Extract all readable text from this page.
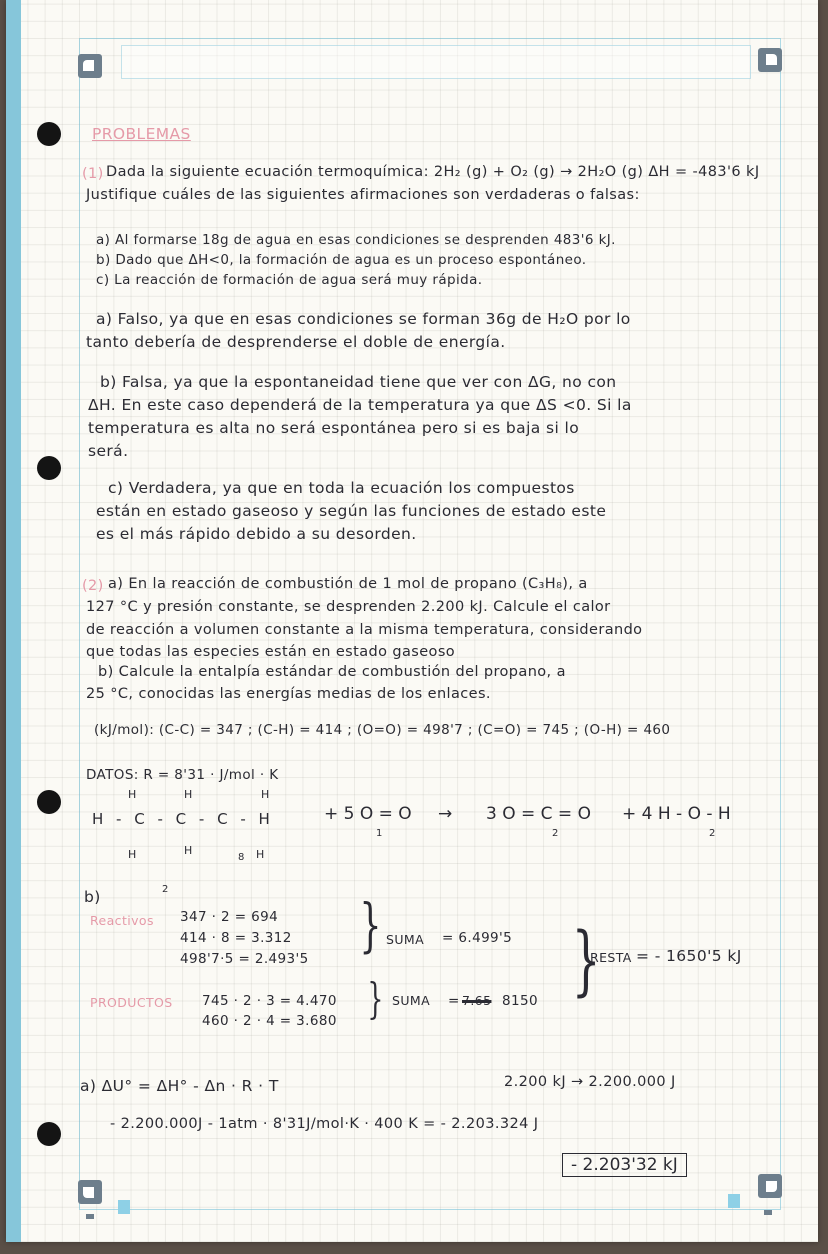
PROBLEMAS
(1) Dada la siguiente ecuación termoquímica: 2H₂ (g) + O₂ (g) → 2H₂O (g) ΔH = -483'6 kJ
Justifique cuáles de las siguientes afirmaciones son verdaderas o falsas:
a) Al formarse 18g de agua en esas condiciones se desprenden 483'6 kJ.
b) Dado que ΔH<0, la formación de agua es un proceso espontáneo.
c) La reacción de formación de agua será muy rápida.
a) Falso, ya que en esas condiciones se forman 36g de H₂O por lo
tanto debería de desprenderse el doble de energía.
b) Falsa, ya que la espontaneidad tiene que ver con ΔG, no con
ΔH. En este caso dependerá de la temperatura ya que ΔS <0. Si la
temperatura es alta no será espontánea pero si es baja si lo
será.
c) Verdadera, ya que en toda la ecuación los compuestos
están en estado gaseoso y según las funciones de estado este
es el más rápido debido a su desorden.
(2) a) En la reacción de combustión de 1 mol de propano (C₃H₈), a
127 °C y presión constante, se desprenden 2.200 kJ. Calcule el calor
de reacción a volumen constante a la misma temperatura, considerando
que todas las especies están en estado gaseoso
b) Calcule la entalpía estándar de combustión del propano, a
25 °C, conocidas las energías medias de los enlaces.
(kJ/mol): (C-C) = 347 ; (C-H) = 414 ; (O=O) = 498'7 ; (C=O) = 745 ; (O-H) = 460
DATOS: R = 8'31 · J/mol · K
H	H	H
H - C - C - C - H	+ 5 O = O → 3 O = C = O + 4 H - O - H
H	H	H
1	2	2
2
8
b)
Reactivos 347 · 2 = 694
414 · 8 = 3.312
498'7·5 = 2.493'5 } SUMA = 6.499'5
PRODUCTOS 745 · 2 · 3 = 4.470
460 · 2 · 4 = 3.680 } SUMA = 7.65 8150 }
RESTA = - 1650'5 kJ
a) ΔU° = ΔH° - Δn · R · T	2.200 kJ → 2.200.000 J
- 2.200.000J - 1atm · 8'31J/mol·K · 400 K = - 2.203.324 J
- 2.203'32 kJ
